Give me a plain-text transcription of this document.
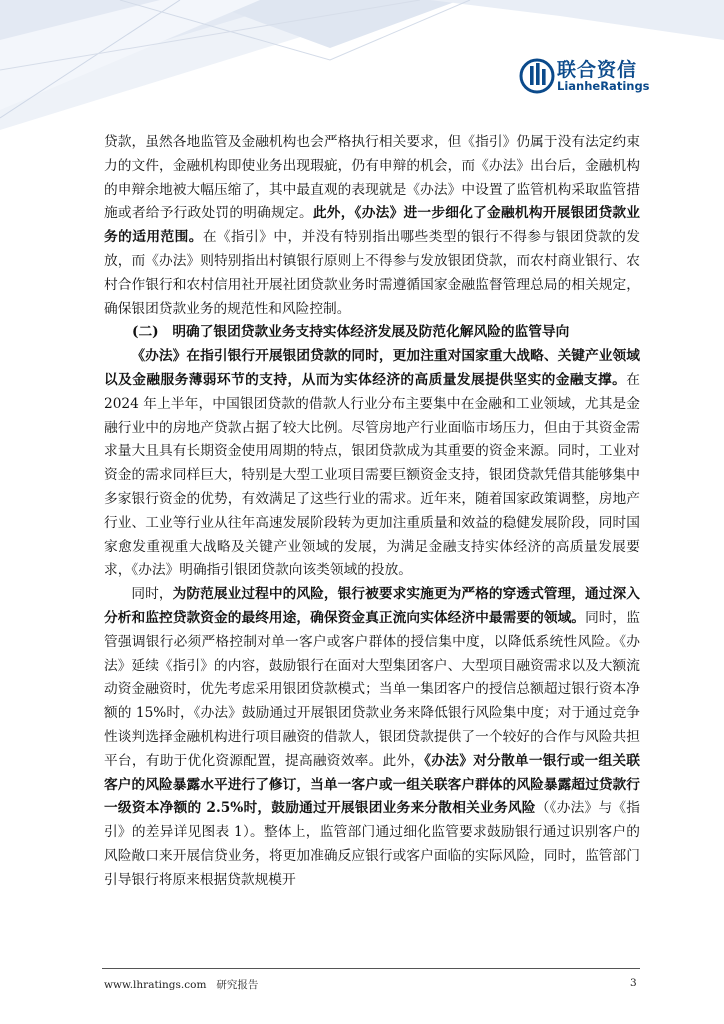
联合资信
LianheRatings

贷款，虽然各地监管及金融机构也会严格执行相关要求，但《指引》仍属于没有法定约束力的文件，金融机构即使业务出现瑕疵，仍有申辩的机会，而《办法》出台后，金融机构的申辩余地被大幅压缩了，其中最直观的表现就是《办法》中设置了监管机构采取监管措施或者给予行政处罚的明确规定。此外，《办法》进一步细化了金融机构开展银团贷款业务的适用范围。在《指引》中，并没有特别指出哪些类型的银行不得参与银团贷款的发放，而《办法》则特别指出村镇银行原则上不得参与发放银团贷款，而农村商业银行、农村合作银行和农村信用社开展社团贷款业务时需遵循国家金融监督管理总局的相关规定，确保银团贷款业务的规范性和风险控制。

(二)　明确了银团贷款业务支持实体经济发展及防范化解风险的监管导向

《办法》在指引银行开展银团贷款的同时，更加注重对国家重大战略、关键产业领域以及金融服务薄弱环节的支持，从而为实体经济的高质量发展提供坚实的金融支撑。在 2024 年上半年，中国银团贷款的借款人行业分布主要集中在金融和工业领域，尤其是金融行业中的房地产贷款占据了较大比例。尽管房地产行业面临市场压力，但由于其资金需求量大且具有长期资金使用周期的特点，银团贷款成为其重要的资金来源。同时，工业对资金的需求同样巨大，特别是大型工业项目需要巨额资金支持，银团贷款凭借其能够集中多家银行资金的优势，有效满足了这些行业的需求。近年来，随着国家政策调整，房地产行业、工业等行业从往年高速发展阶段转为更加注重质量和效益的稳健发展阶段，同时国家愈发重视重大战略及关键产业领域的发展，为满足金融支持实体经济的高质量发展要求，《办法》明确指引银团贷款向该类领域的投放。

同时，为防范展业过程中的风险，银行被要求实施更为严格的穿透式管理，通过深入分析和监控贷款资金的最终用途，确保资金真正流向实体经济中最需要的领域。同时，监管强调银行必须严格控制对单一客户或客户群体的授信集中度，以降低系统性风险。《办法》延续《指引》的内容，鼓励银行在面对大型集团客户、大型项目融资需求以及大额流动资金融资时，优先考虑采用银团贷款模式；当单一集团客户的授信总额超过银行资本净额的 15%时，《办法》鼓励通过开展银团贷款业务来降低银行风险集中度；对于通过竞争性谈判选择金融机构进行项目融资的借款人，银团贷款提供了一个较好的合作与风险共担平台，有助于优化资源配置，提高融资效率。此外，《办法》对分散单一银行或一组关联客户的风险暴露水平进行了修订，当单一客户或一组关联客户群体的风险暴露超过贷款行一级资本净额的 2.5%时，鼓励通过开展银团业务来分散相关业务风险（《办法》与《指引》的差异详见图表 1）。整体上，监管部门通过细化监管要求鼓励银行通过识别客户的风险敞口来开展信贷业务，将更加准确反应银行或客户面临的实际风险，同时，监管部门引导银行将原来根据贷款规模开

www.lhratings.com 研究报告	3
